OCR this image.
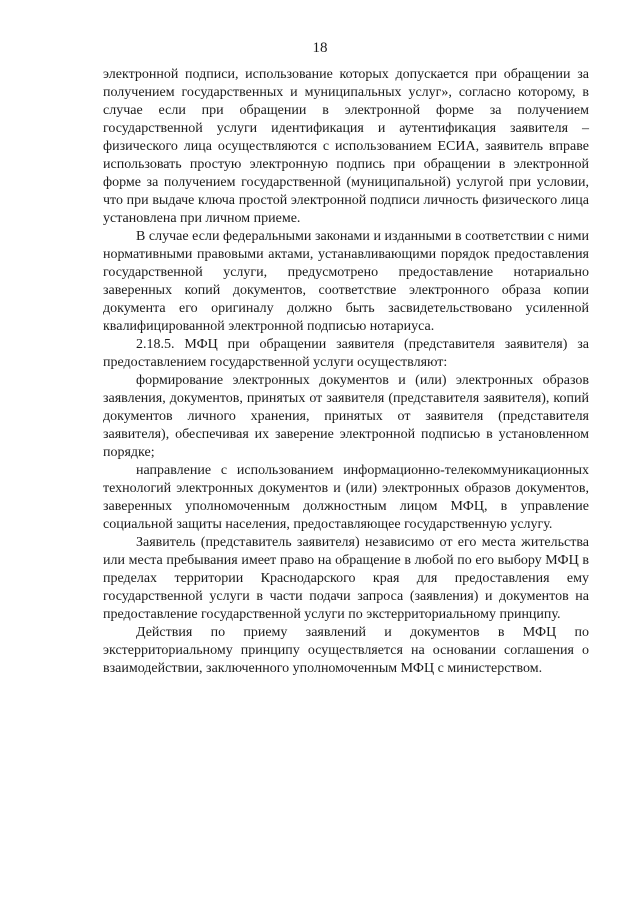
18

электронной подписи, использование которых допускается при обращении за получением государственных и муниципальных услуг», согласно которому, в случае если при обращении в электронной форме за получением государственной услуги идентификация и аутентификация заявителя – физического лица осуществляются с использованием ЕСИА, заявитель вправе использовать простую электронную подпись при обращении в электронной форме за получением государственной (муниципальной) услугой при условии, что при выдаче ключа простой электронной подписи личность физического лица установлена при личном приеме.

В случае если федеральными законами и изданными в соответствии с ними нормативными правовыми актами, устанавливающими порядок предоставления государственной услуги, предусмотрено предоставление нотариально заверенных копий документов, соответствие электронного образа копии документа его оригиналу должно быть засвидетельствовано усиленной квалифицированной электронной подписью нотариуса.

2.18.5. МФЦ при обращении заявителя (представителя заявителя) за предоставлением государственной услуги осуществляют:

формирование электронных документов и (или) электронных образов заявления, документов, принятых от заявителя (представителя заявителя), копий документов личного хранения, принятых от заявителя (представителя заявителя), обеспечивая их заверение электронной подписью в установленном порядке;

направление с использованием информационно-телекоммуникационных технологий электронных документов и (или) электронных образов документов, заверенных уполномоченным должностным лицом МФЦ, в управление социальной защиты населения, предоставляющее государственную услугу.

Заявитель (представитель заявителя) независимо от его места жительства или места пребывания имеет право на обращение в любой по его выбору МФЦ в пределах территории Краснодарского края для предоставления ему государственной услуги в части подачи запроса (заявления) и документов на предоставление государственной услуги по экстерриториальному принципу.

Действия по приему заявлений и документов в МФЦ по экстерриториальному принципу осуществляется на основании соглашения о взаимодействии, заключенного уполномоченным МФЦ с министерством.
